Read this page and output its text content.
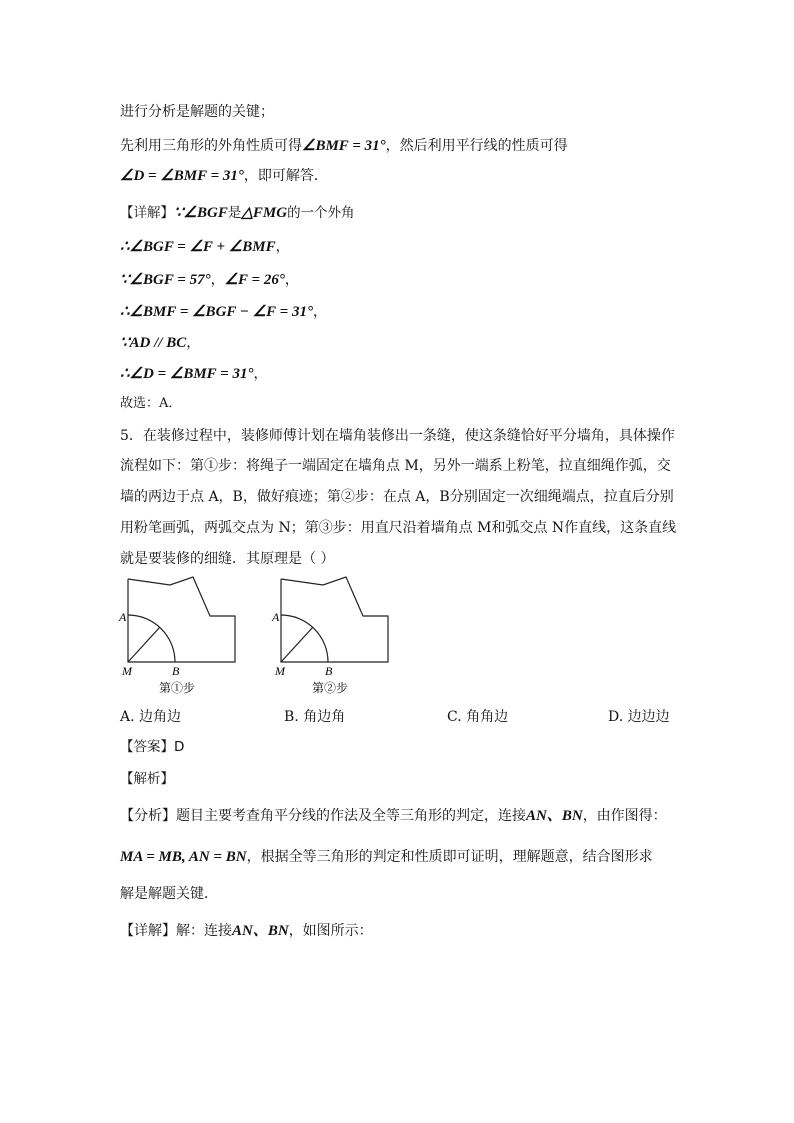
进行分析是解题的关键；
先利用三角形的外角性质可得∠BMF = 31°，然后利用平行线的性质可得
∠D = ∠BMF = 31°，即可解答．
【详解】∵∠BGF是△FMG的一个外角
∴∠BGF = ∠F + ∠BMF，
∵∠BGF = 57°，∠F = 26°，
∴∠BMF = ∠BGF − ∠F = 31°，
∵AD // BC，
∴∠D = ∠BMF = 31°，
故选：A．
5．在装修过程中，装修师傅计划在墙角装修出一条缝，使这条缝恰好平分墙角，具体操作
流程如下：第①步：将绳子一端固定在墙角点 M，另外一端系上粉笔，拉直细绳作弧，交
墙的两边于点 A，B，做好痕迹；第②步：在点 A，B分别固定一次细绳端点，拉直后分别
用粉笔画弧，两弧交点为 N；第③步：用直尺沿着墙角点 M和弧交点 N作直线，这条直线
就是要装修的细缝．其原理是（ ）
A
M	B
第①步
A
M	B
第②步
A. 边角边	B. 角边角	C. 角角边	D. 边边边
【答案】D
【解析】
【分析】题目主要考查角平分线的作法及全等三角形的判定，连接AN、BN，由作图得：
MA = MB, AN = BN，根据全等三角形的判定和性质即可证明，理解题意，结合图形求
解是解题关键．
【详解】解：连接AN、BN，如图所示：
